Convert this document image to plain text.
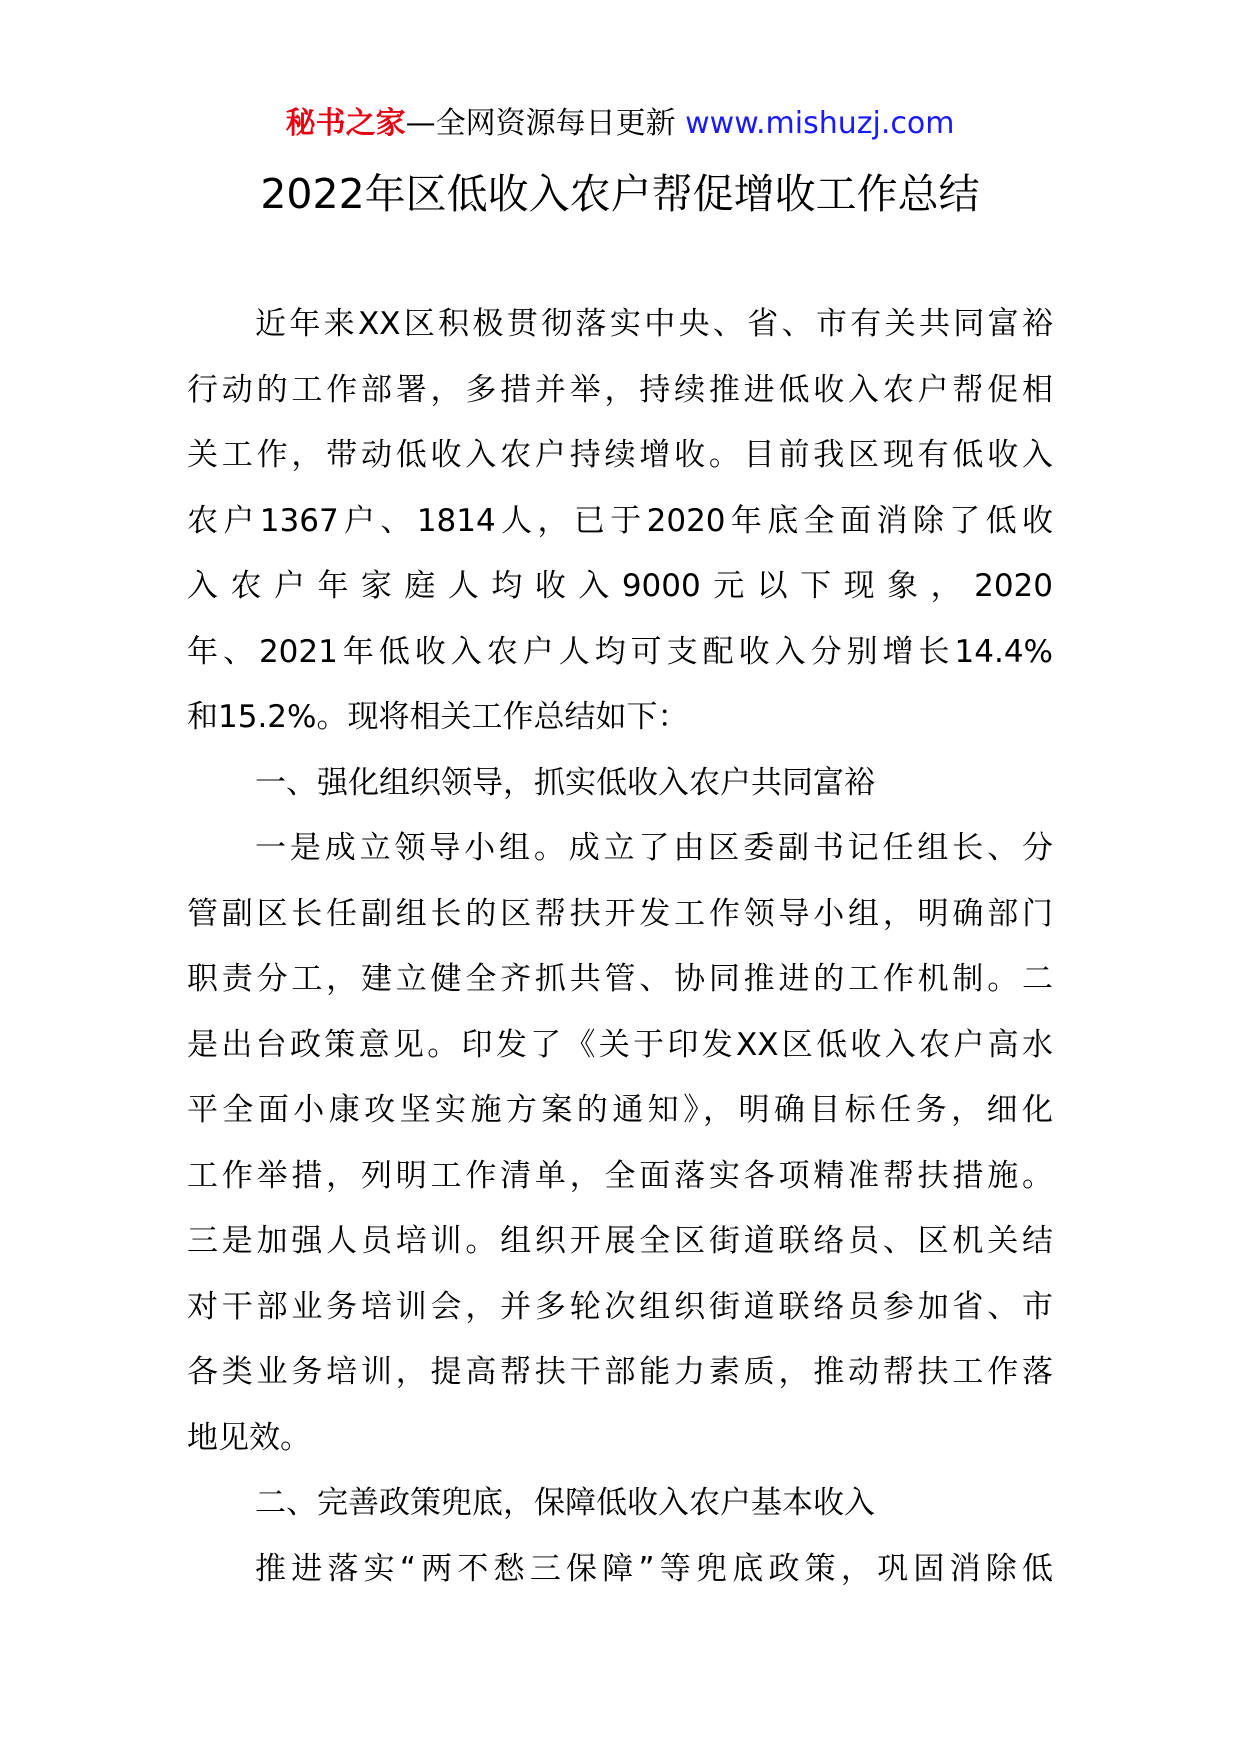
秘书之家—全网资源每日更新 www.mishuzj.com
2022年区低收入农户帮促增收工作总结
近年来XX区积极贯彻落实中央、省、市有关共同富裕
行动的工作部署，多措并举，持续推进低收入农户帮促相
关工作，带动低收入农户持续增收。目前我区现有低收入
农户1367户、1814人，已于2020年底全面消除了低收
入农户年家庭人均收入9000元以下现象，2020
年、2021年低收入农户人均可支配收入分别增长14.4%
和15.2%。现将相关工作总结如下：
一、强化组织领导，抓实低收入农户共同富裕
一是成立领导小组。成立了由区委副书记任组长、分
管副区长任副组长的区帮扶开发工作领导小组，明确部门
职责分工，建立健全齐抓共管、协同推进的工作机制。二
是出台政策意见。印发了《关于印发XX区低收入农户高水
平全面小康攻坚实施方案的通知》，明确目标任务，细化
工作举措，列明工作清单，全面落实各项精准帮扶措施。
三是加强人员培训。组织开展全区街道联络员、区机关结
对干部业务培训会，并多轮次组织街道联络员参加省、市
各类业务培训，提高帮扶干部能力素质，推动帮扶工作落
地见效。
二、完善政策兜底，保障低收入农户基本收入
推进落实“两不愁三保障”等兜底政策，巩固消除低
